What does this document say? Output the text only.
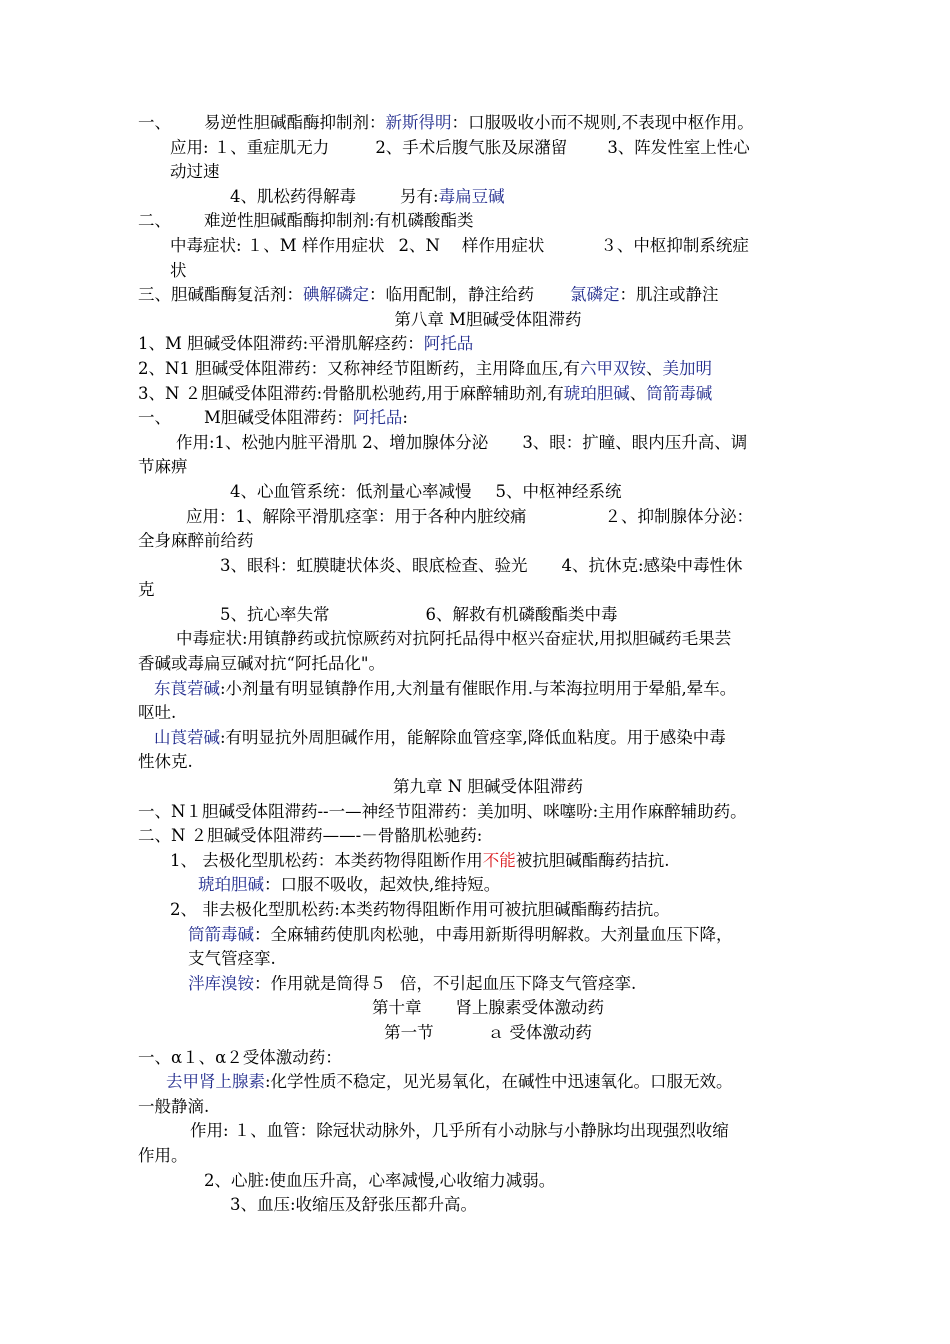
一、 易逆性胆碱酯酶抑制剂：新斯得明：口服吸收小而不规则,不表现中枢作用。
应用: １、重症肌无力	2、手术后腹气胀及尿潴留 3、阵发性室上性心
动过速
4、肌松药得解毒	另有:毒扁豆碱
二、 难逆性胆碱酯酶抑制剂:有机磷酸酯类
中毒症状: １、M 样作用症状 2、N 样作用症状	３、中枢抑制系统症
状
三、胆碱酯酶复活剂：碘解磷定：临用配制，静注给药 氯磷定：肌注或静注
第八章 M胆碱受体阻滞药
1、M 胆碱受体阻滞药:平滑肌解痉药：阿托品
2、N1 胆碱受体阻滞药：又称神经节阻断药，主用降血压,有六甲双铵、美加明
3、N ２胆碱受体阻滞药:骨骼肌松驰药,用于麻醉辅助剂,有琥珀胆碱、筒箭毒碱
一、 M胆碱受体阻滞药：阿托品:
作用:1、松弛内脏平滑肌 2、增加腺体分泌 3、眼：扩瞳、眼内压升高、调
节麻痹
4、心血管系统：低剂量心率减慢 5、中枢神经系统
应用：1、解除平滑肌痉挛：用于各种内脏绞痛	２、抑制腺体分泌：
全身麻醉前给药
3、眼科：虹膜睫状体炎、眼底检查、验光 4、抗休克:感染中毒性休
克
5、抗心率失常	6、解救有机磷酸酯类中毒
中毒症状:用镇静药或抗惊厥药对抗阿托品得中枢兴奋症状,用拟胆碱药毛果芸
香碱或毒扁豆碱对抗“阿托品化"。
东莨菪碱:小剂量有明显镇静作用,大剂量有催眠作用.与苯海拉明用于晕船,晕车。
呕吐.
山莨菪碱:有明显抗外周胆碱作用，能解除血管痉挛,降低血粘度。用于感染中毒
性休克.
第九章 N 胆碱受体阻滞药
一、N１胆碱受体阻滞药--一—神经节阻滞药：美加明、咪噻吩:主用作麻醉辅助药。
二、N ２胆碱受体阻滞药——-－骨骼肌松驰药:
1、 去极化型肌松药：本类药物得阻断作用不能被抗胆碱酯酶药拮抗.
琥珀胆碱：口服不吸收，起效快,维持短。
2、 非去极化型肌松药:本类药物得阻断作用可被抗胆碱酯酶药拮抗。
筒箭毒碱：全麻辅药使肌肉松驰，中毒用新斯得明解救。大剂量血压下降，
支气管痉挛.
泮库溴铵：作用就是筒得５ 倍，不引起血压下降支气管痉挛.
第十章 肾上腺素受体激动药
第一节	ａ 受体激动药
一、α１、α２受体激动药：
去甲肾上腺素:化学性质不稳定，见光易氧化，在碱性中迅速氧化。口服无效。
一般静滴.
作用: １、血管：除冠状动脉外，几乎所有小动脉与小静脉均出现强烈收缩
作用。
2、心脏:使血压升高，心率减慢,心收缩力减弱。
3、血压:收缩压及舒张压都升高。
